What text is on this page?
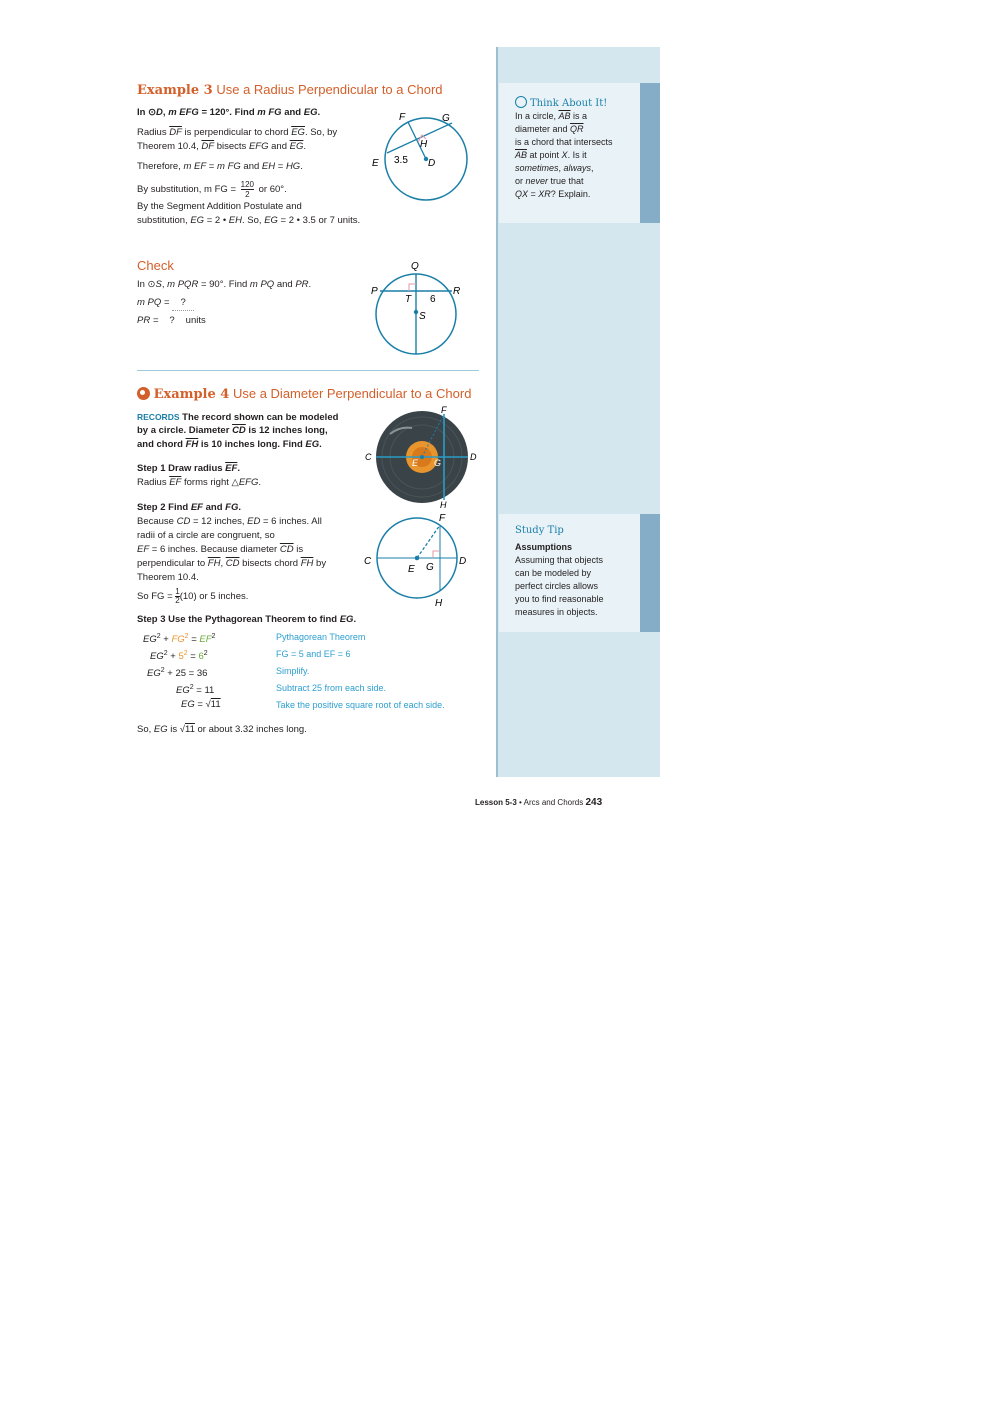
Think About It!
In a circle, $\overline{AB}$ is a
diameter and $\overline{QR}$
is a chord that intersects
$\overline{AB}$ at point X. Is it
sometimes, always,
or never true that
QX = XR? Explain.
Study Tip
Assumptions
Assuming that objects
can be modeled by
perfect circles allows
you to find reasonable
measures in objects.
Example 3 Use a Radius Perpendicular to a Chord
In ⊙D, m EFG = 120°. Find m FG and EG.
Radius $\overline{DF}$ is perpendicular to chord $\overline{EG}$. So, by
Theorem 10.4, $\overline{DF}$ bisects EFG and $\overline{EG}$.
Therefore, m EF = m FG and EH = HG.
By substitution, m FG = $\frac{120}{2}$ or 60°.
By the Segment Addition Postulate and
substitution, EG = 2 • EH. So, EG = 2 • 3.5 or 7 units.
F	G
H
E	D
3.5
Check
In ⊙S, m PQR = 90°. Find m PQ and PR.
m PQ = ?
PR = ? units
Q
P	R
T 6
S
Example 4 Use a Diameter Perpendicular to a Chord
RECORDS The record shown can be modeled
by a circle. Diameter $\overline{CD}$ is 12 inches long,
and chord $\overline{FH}$ is 10 inches long. Find EG.
Step 1 Draw radius $\overline{EF}$.
Radius $\overline{EF}$ forms right △EFG.
Step 2 Find EF and FG.
Because CD = 12 inches, ED = 6 inches. All
radii of a circle are congruent, so
EF = 6 inches. Because diameter $\overline{CD}$ is
perpendicular to $\overline{FH}$, $\overline{CD}$ bisects chord $\overline{FH}$ by
Theorem 10.4.
So FG = $\frac{1}{2} (10)$ or 5 inches.
F
C	D
E G
H
F
C	D
E G
H
Step 3 Use the Pythagorean Theorem to find EG.
$EG^2 + FG^2 = EF^2$	Pythagorean Theorem
$EG^2 + 5^2 = 6^2$	FG = 5 and EF = 6
$EG^2 + 25 = 36$	Simplify.
$EG^2 = 11$	Subtract 25 from each side.
EG = √11	Take the positive square root of each side.
So, EG is √11 or about 3.32 inches long.
Lesson 5-3 • Arcs and Chords 243
